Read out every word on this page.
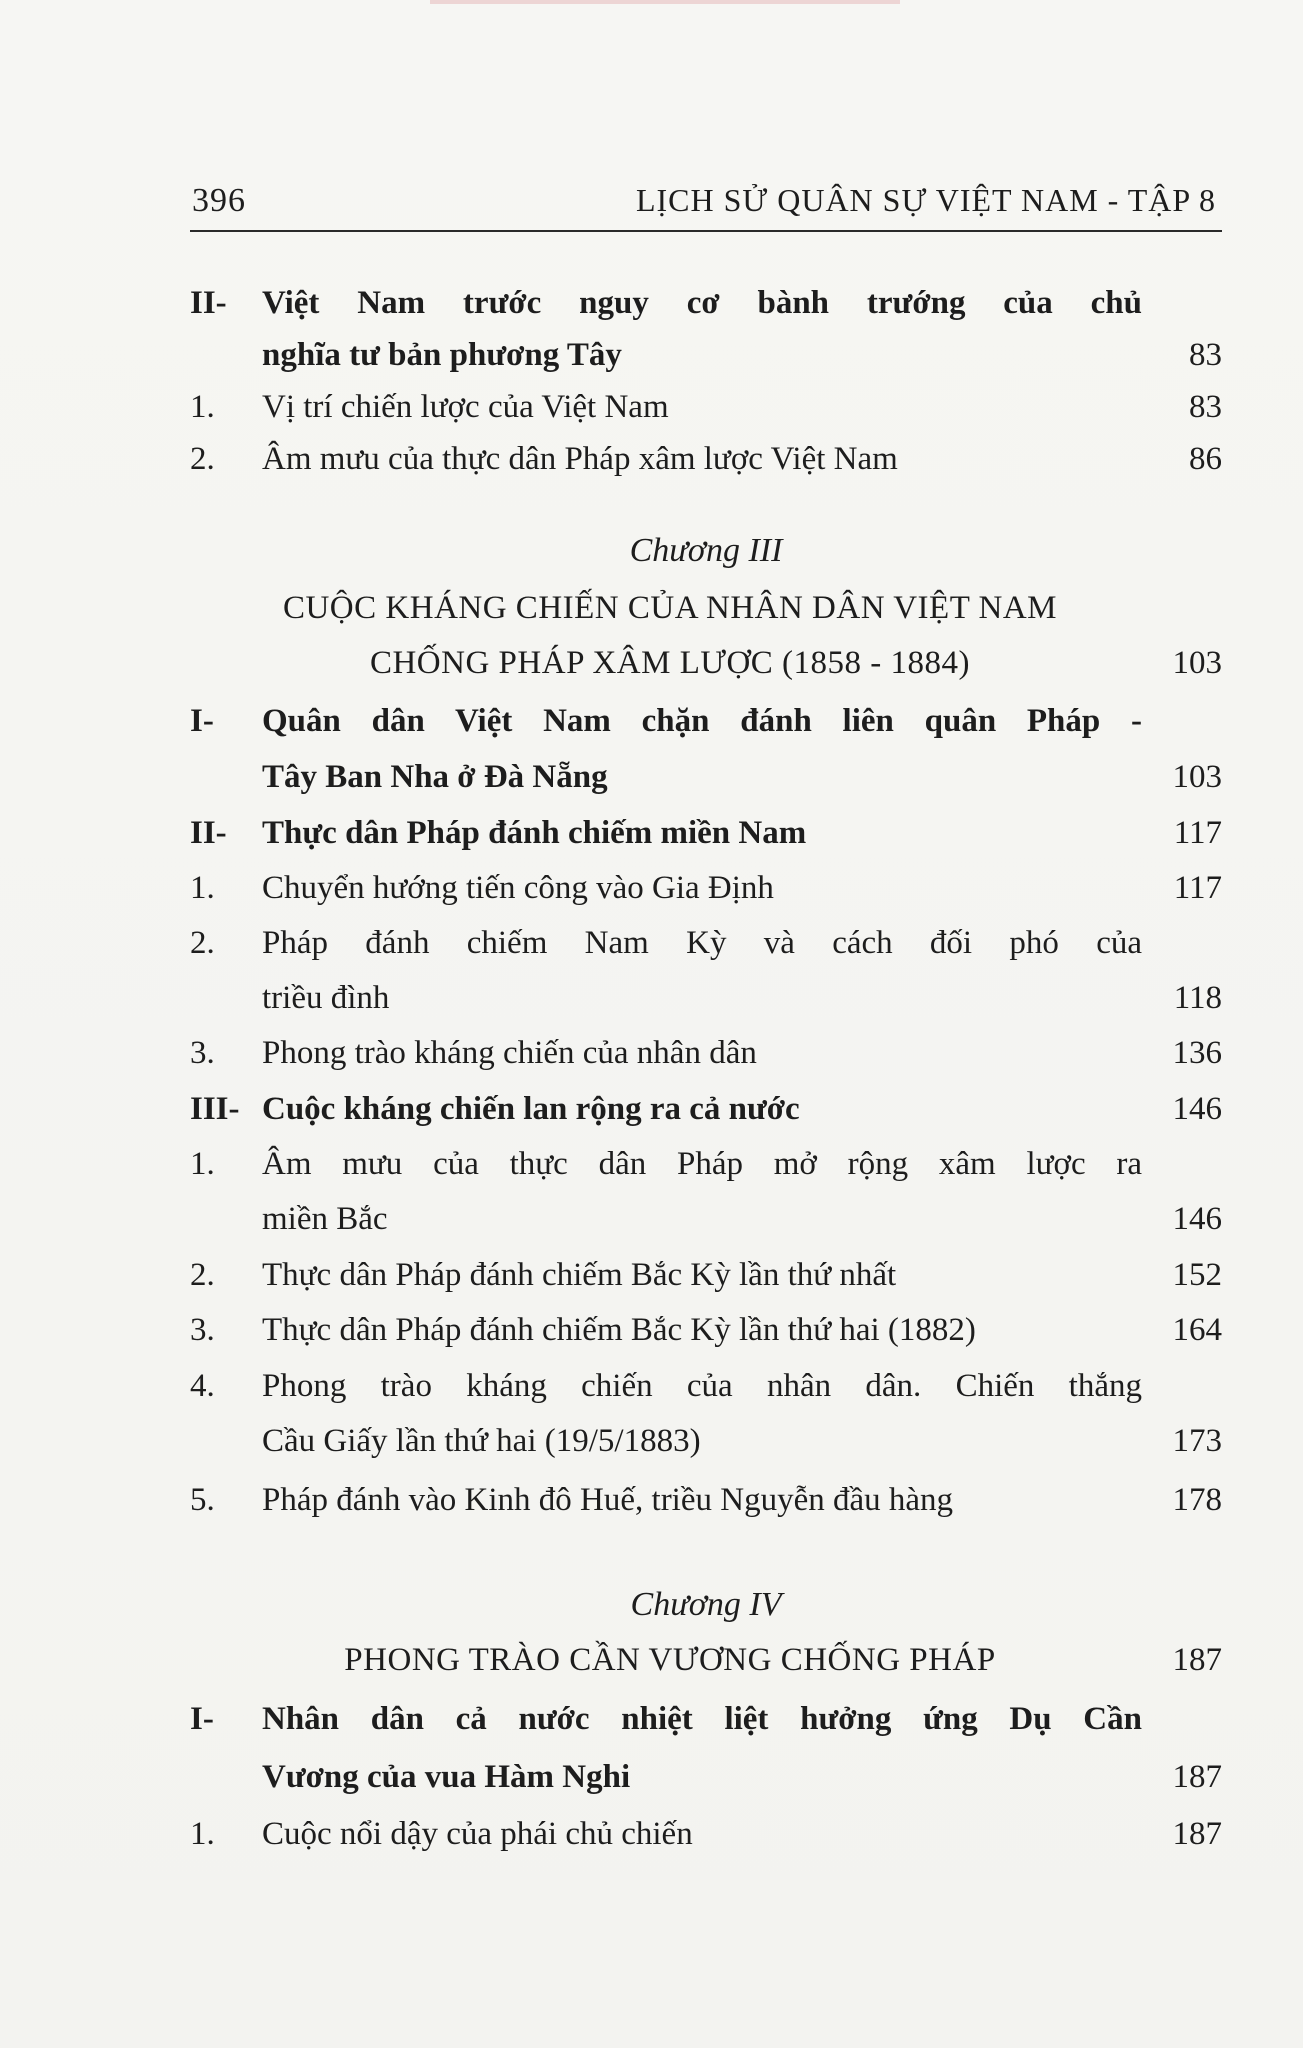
396	LỊCH SỬ QUÂN SỰ VIỆT NAM - TẬP 8
II- Việt Nam trước nguy cơ bành trướng của chủ
nghĩa tư bản phương Tây	83
1. Vị trí chiến lược của Việt Nam	83
2. Âm mưu của thực dân Pháp xâm lược Việt Nam	86
Chương III
CUỘC KHÁNG CHIẾN CỦA NHÂN DÂN VIỆT NAM
CHỐNG PHÁP XÂM LƯỢC (1858 - 1884)	103
I- Quân dân Việt Nam chặn đánh liên quân Pháp -
Tây Ban Nha ở Đà Nẵng	103
II- Thực dân Pháp đánh chiếm miền Nam	117
1. Chuyển hướng tiến công vào Gia Định	117
2. Pháp đánh chiếm Nam Kỳ và cách đối phó của
triều đình	118
3. Phong trào kháng chiến của nhân dân	136
III- Cuộc kháng chiến lan rộng ra cả nước	146
1. Âm mưu của thực dân Pháp mở rộng xâm lược ra
miền Bắc	146
2. Thực dân Pháp đánh chiếm Bắc Kỳ lần thứ nhất	152
3. Thực dân Pháp đánh chiếm Bắc Kỳ lần thứ hai (1882)	164
4. Phong trào kháng chiến của nhân dân. Chiến thắng
Cầu Giấy lần thứ hai (19/5/1883)	173
5. Pháp đánh vào Kinh đô Huế, triều Nguyễn đầu hàng	178
Chương IV
PHONG TRÀO CẦN VƯƠNG CHỐNG PHÁP	187
I- Nhân dân cả nước nhiệt liệt hưởng ứng Dụ Cần
Vương của vua Hàm Nghi	187
1. Cuộc nổi dậy của phái chủ chiến	187
